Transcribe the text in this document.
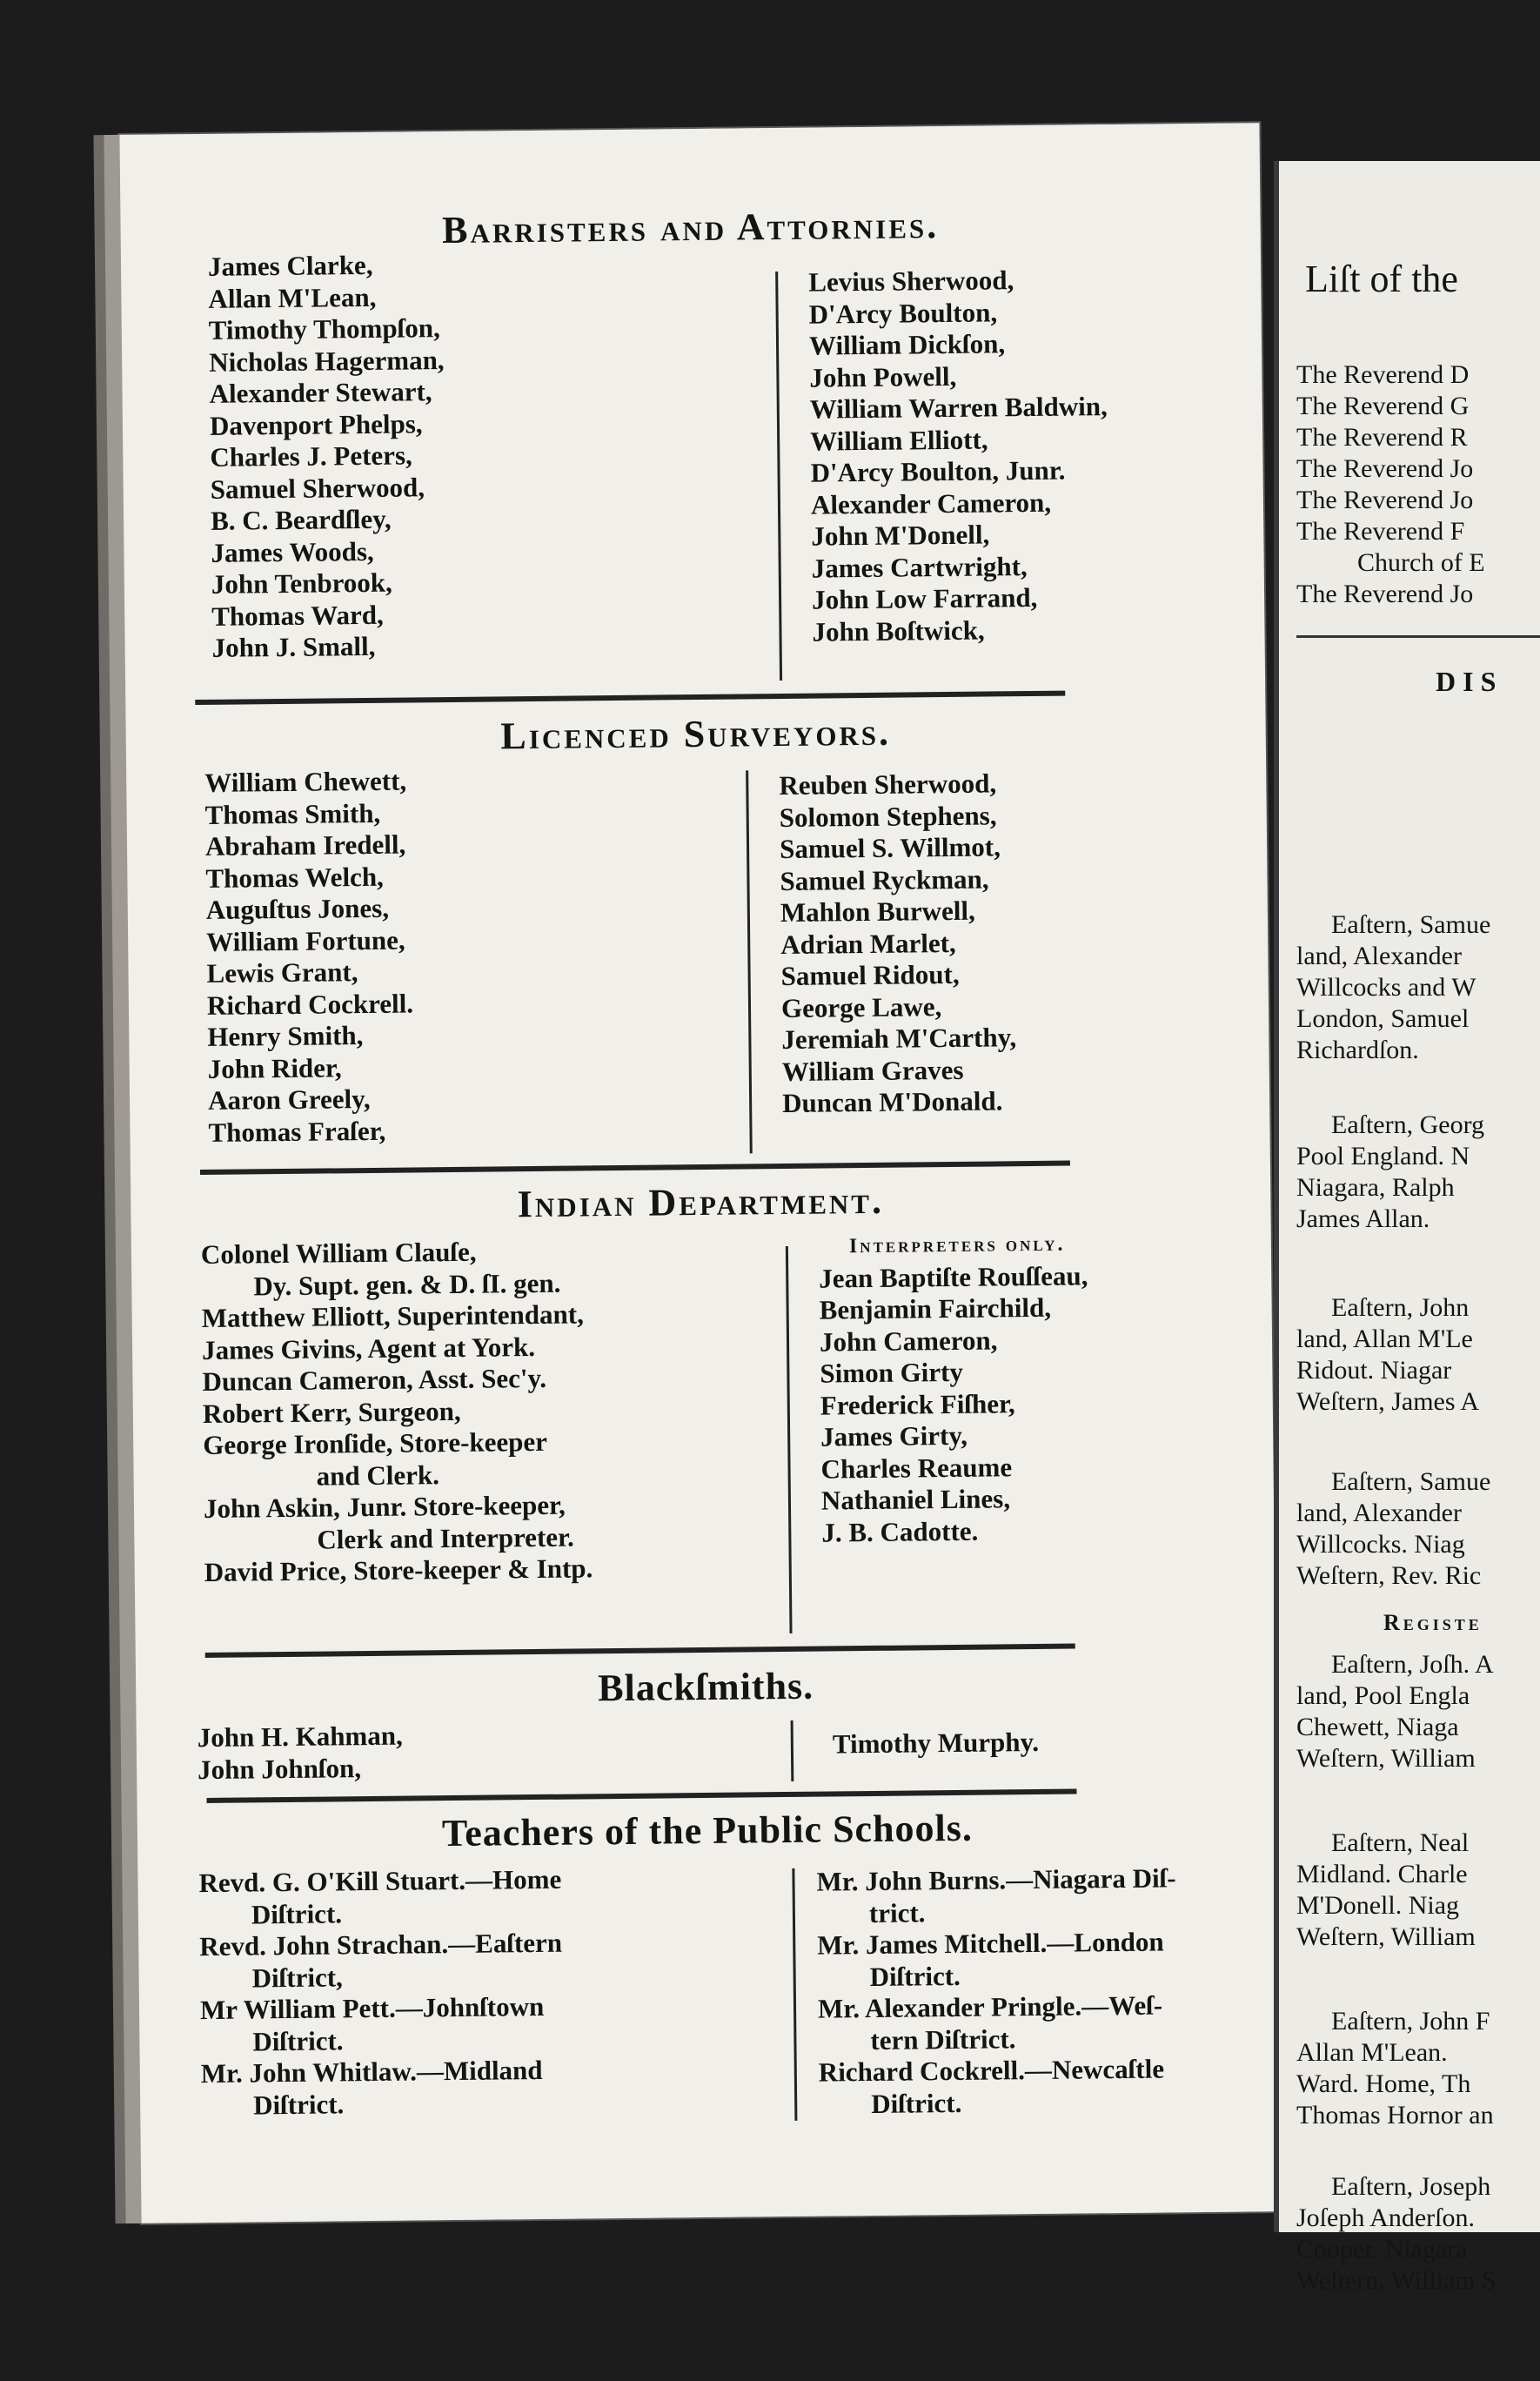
Barristers and Attornies.
James Clarke,
Allan M'Lean,
Timothy Thompſon,
Nicholas Hagerman,
Alexander Stewart,
Davenport Phelps,
Charles J. Peters,
Samuel Sherwood,
B. C. Beardſley,
James Woods,
John Tenbrook,
Thomas Ward,
John J. Small,
Levius Sherwood,
D'Arcy Boulton,
William Dickſon,
John Powell,
William Warren Baldwin,
William Elliott,
D'Arcy Boulton, Junr.
Alexander Cameron,
John M'Donell,
James Cartwright,
John Low Farrand,
John Boſtwick,
Licenced Surveyors.
William Chewett,
Thomas Smith,
Abraham Iredell,
Thomas Welch,
Auguſtus Jones,
William Fortune,
Lewis Grant,
Richard Cockrell.
Henry Smith,
John Rider,
Aaron Greely,
Thomas Fraſer,
Reuben Sherwood,
Solomon Stephens,
Samuel S. Willmot,
Samuel Ryckman,
Mahlon Burwell,
Adrian Marlet,
Samuel Ridout,
George Lawe,
Jeremiah M'Carthy,
William Graves
Duncan M'Donald.
Indian Department.
Colonel William Clauſe,
Dy. Supt. gen. & D. ſI. gen.
Matthew Elliott, Superintendant,
James Givins, Agent at York.
Duncan Cameron, Asst. Sec'y.
Robert Kerr, Surgeon,
George Ironſide, Store-keeper
and Clerk.
John Askin, Junr. Store-keeper,
Clerk and Interpreter.
David Price, Store-keeper & Intp.
Interpreters only.
Jean Baptiſte Rouſſeau,
Benjamin Fairchild,
John Cameron,
Simon Girty
Frederick Fiſher,
James Girty,
Charles Reaume
Nathaniel Lines,
J. B. Cadotte.
Blackſmiths.
John H. Kahman,
John Johnſon,
Timothy Murphy.
Teachers of the Public Schools.
Revd. G. O'Kill Stuart.—Home
Diſtrict.
Revd. John Strachan.—Eaſtern
Diſtrict,
Mr William Pett.—Johnſtown
Diſtrict.
Mr. John Whitlaw.—Midland
Diſtrict.
Mr. John Burns.—Niagara Diſ-
trict.
Mr. James Mitchell.—London
Diſtrict.
Mr. Alexander Pringle.—Weſ-
tern Diſtrict.
Richard Cockrell.—Newcaſtle
Diſtrict.
Liſt of the
The Reverend D
The Reverend G
The Reverend R
The Reverend Jo
The Reverend Jo
The Reverend F
Church of E
The Reverend Jo
DIS
Eaſtern, Samue
land, Alexander
Willcocks and W
London, Samuel
Richardſon.
Eaſtern, Georg
Pool England. N
Niagara, Ralph
James Allan.
Eaſtern, John
land, Allan M'Le
Ridout. Niagar
Weſtern, James A
Eaſtern, Samue
land, Alexander
Willcocks. Niag
Weſtern, Rev. Ric
Eaſtern, Joſh. A
land, Pool Engla
Chewett, Niaga
Weſtern, William
Eaſtern, Neal
Midland. Charle
M'Donell. Niag
Weſtern, William
Eaſtern, John F
Allan M'Lean.
Ward. Home, Th
Thomas Hornor an
Eaſtern, Joseph
Joſeph Anderſon.
Cooper. Niagara
Weſtern, William S
Regiſte
